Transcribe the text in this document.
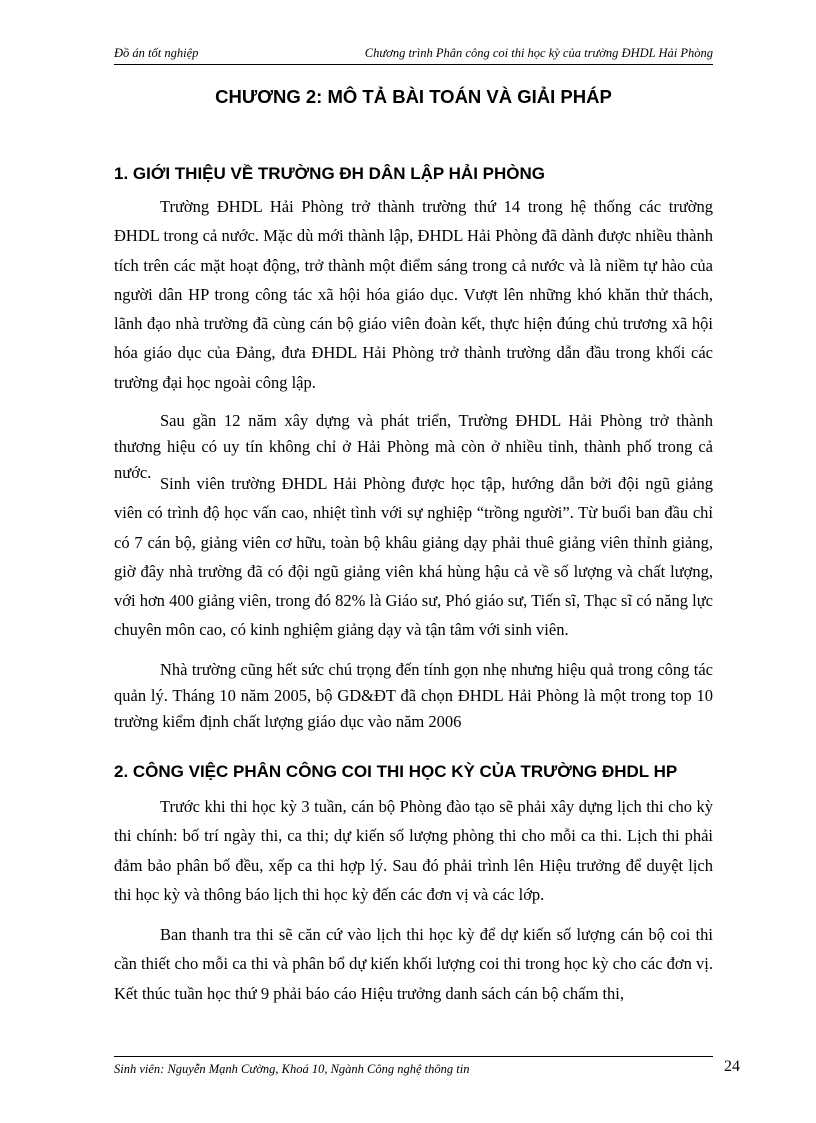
Đồ án tốt nghiệp	Chương trình Phân công coi thi học kỳ của trường ĐHDL Hải Phòng
CHƯƠNG 2: MÔ TẢ BÀI TOÁN VÀ GIẢI PHÁP
1. GIỚI THIỆU VỀ TRƯỜNG ĐH DÂN LẬP HẢI PHÒNG

Trường ĐHDL Hải Phòng trở thành trường thứ 14 trong hệ thống các trường ĐHDL trong cả nước. Mặc dù mới thành lập, ĐHDL Hải Phòng đã dành được nhiều thành tích trên các mặt hoạt động, trở thành một điểm sáng trong cả nước và là niềm tự hào của người dân HP trong công tác xã hội hóa giáo dục. Vượt lên những khó khăn thử thách, lãnh đạo nhà trường đã cùng cán bộ giáo viên đoàn kết, thực hiện đúng chủ trương xã hội hóa giáo dục của Đảng, đưa ĐHDL Hải Phòng trở thành trường dẫn đầu trong khối các trường đại học ngoài công lập.

Sau gần 12 năm xây dựng và phát triển, Trường ĐHDL Hải Phòng trở thành thương hiệu có uy tín không chỉ ở Hải Phòng mà còn ở nhiều tỉnh, thành phố trong cả nước.

Sinh viên trường ĐHDL Hải Phòng được học tập, hướng dẫn bởi đội ngũ giảng viên có trình độ học vấn cao, nhiệt tình với sự nghiệp “trồng người”. Từ buổi ban đầu chỉ có 7 cán bộ, giảng viên cơ hữu, toàn bộ khâu giảng dạy phải thuê giảng viên thỉnh giảng, giờ đây nhà trường đã có đội ngũ giảng viên khá hùng hậu cả về số lượng và chất lượng, với hơn 400 giảng viên, trong đó 82% là Giáo sư, Phó giáo sư, Tiến sĩ, Thạc sĩ có năng lực chuyên môn cao, có kinh nghiệm giảng dạy và tận tâm với sinh viên.

Nhà trường cũng hết sức chú trọng đến tính gọn nhẹ nhưng hiệu quả trong công tác quản lý. Tháng 10 năm 2005, bộ GD&ĐT đã chọn ĐHDL Hải Phòng là một trong top 10 trường kiểm định chất lượng giáo dục vào năm 2006

2. CÔNG VIỆC PHÂN CÔNG COI THI HỌC KỲ CỦA TRƯỜNG ĐHDL HP

Trước khi thi học kỳ 3 tuần, cán bộ Phòng đào tạo sẽ phải xây dựng lịch thi cho kỳ thi chính: bố trí ngày thi, ca thi; dự kiến số lượng phòng thi cho mỗi ca thi. Lịch thi phải đảm bảo phân bố đều, xếp ca thi hợp lý. Sau đó phải trình lên Hiệu trưởng để duyệt lịch thi học kỳ và thông báo lịch thi học kỳ đến các đơn vị và các lớp.

Ban thanh tra thi sẽ căn cứ vào lịch thi học kỳ để dự kiến số lượng cán bộ coi thi cần thiết cho mỗi ca thi và phân bổ dự kiến khối lượng coi thi trong học kỳ cho các đơn vị. Kết thúc tuần học thứ 9 phải báo cáo Hiệu trưởng danh sách cán bộ chấm thi,

Sinh viên: Nguyễn Mạnh Cường, Khoá 10, Ngành Công nghệ thông tin	24
